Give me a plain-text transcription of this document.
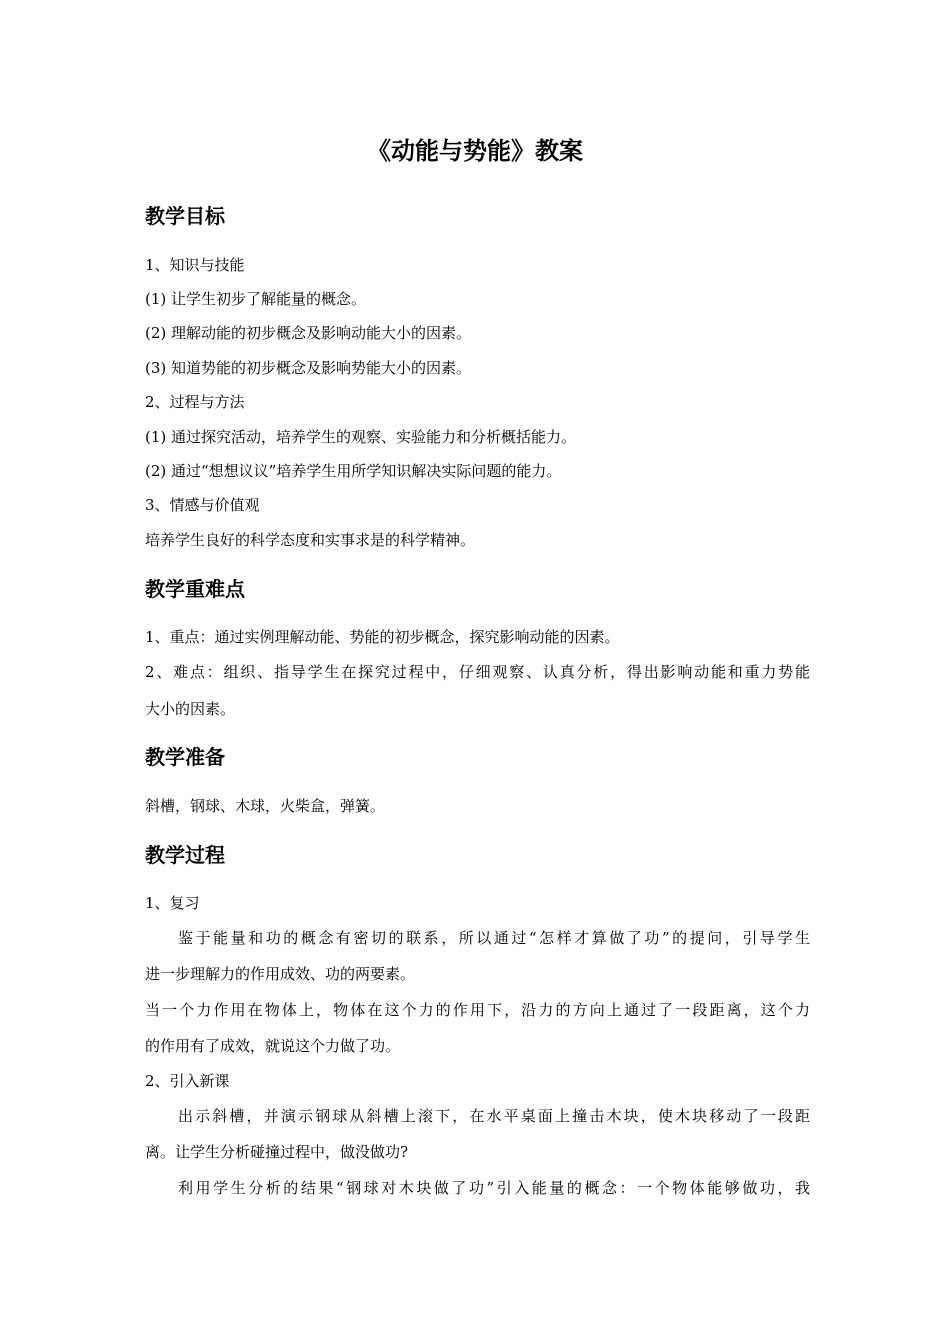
《动能与势能》教案
教学目标

1、知识与技能

(1) 让学生初步了解能量的概念。

(2) 理解动能的初步概念及影响动能大小的因素。

(3) 知道势能的初步概念及影响势能大小的因素。

2、过程与方法

(1) 通过探究活动，培养学生的观察、实验能力和分析概括能力。

(2) 通过“想想议议”培养学生用所学知识解决实际问题的能力。

3、情感与价值观

培养学生良好的科学态度和实事求是的科学精神。

教学重难点

1、重点：通过实例理解动能、势能的初步概念，探究影响动能的因素。

2、难点：组织、指导学生在探究过程中，仔细观察、认真分析，得出影响动能和重力势能

大小的因素。

教学准备

斜槽，钢球、木球，火柴盒，弹簧。

教学过程

1、复习

鉴于能量和功的概念有密切的联系，所以通过“怎样才算做了功”的提问，引导学生

进一步理解力的作用成效、功的两要素。

当一个力作用在物体上，物体在这个力的作用下，沿力的方向上通过了一段距离，这个力

的作用有了成效，就说这个力做了功。

2、引入新课

出示斜槽，并演示钢球从斜槽上滚下，在水平桌面上撞击木块，使木块移动了一段距

离。让学生分析碰撞过程中，做没做功?

利用学生分析的结果“钢球对木块做了功”引入能量的概念：一个物体能够做功，我
